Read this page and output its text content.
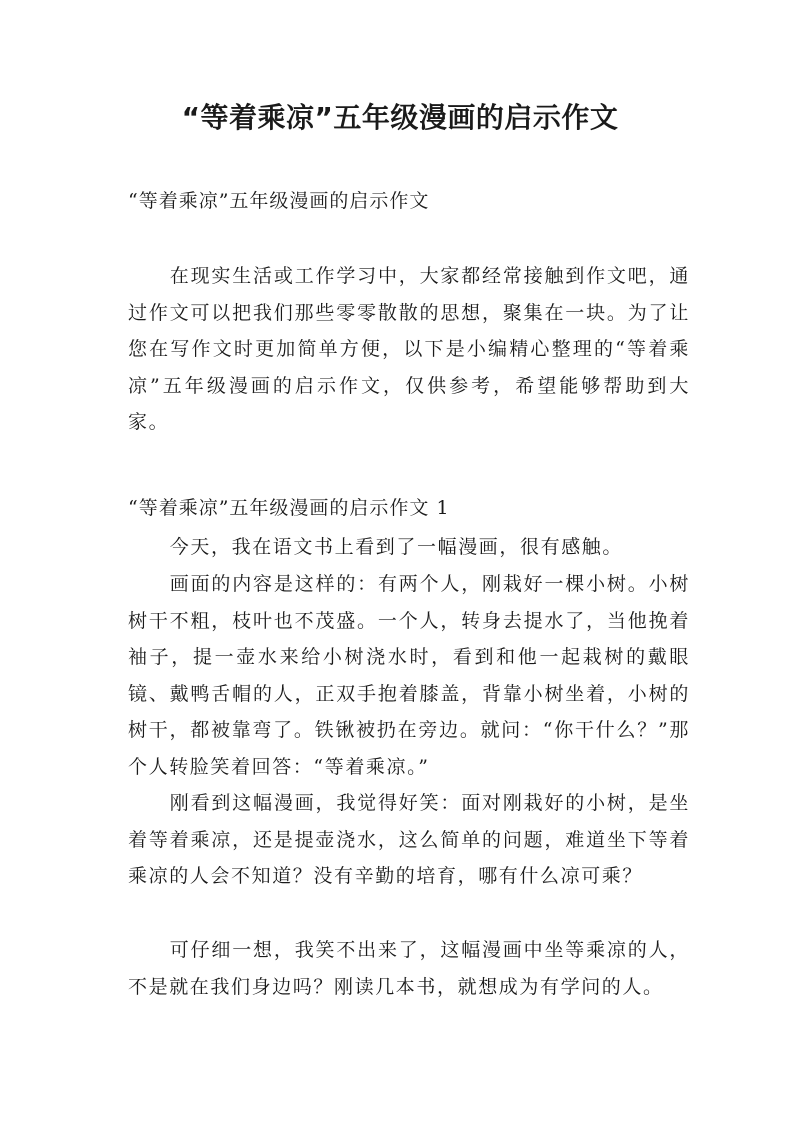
“等着乘凉”五年级漫画的启示作文
“等着乘凉”五年级漫画的启示作文
在现实生活或工作学习中，大家都经常接触到作文吧，通过作文可以把我们那些零零散散的思想，聚集在一块。为了让您在写作文时更加简单方便，以下是小编精心整理的“等着乘凉”五年级漫画的启示作文，仅供参考，希望能够帮助到大家。
“等着乘凉”五年级漫画的启示作文 1
今天，我在语文书上看到了一幅漫画，很有感触。
画面的内容是这样的：有两个人，刚栽好一棵小树。小树树干不粗，枝叶也不茂盛。一个人，转身去提水了，当他挽着袖子，提一壶水来给小树浇水时，看到和他一起栽树的戴眼镜、戴鸭舌帽的人，正双手抱着膝盖，背靠小树坐着，小树的树干，都被靠弯了。铁锹被扔在旁边。就问：“你干什么？”那个人转脸笑着回答：“等着乘凉。”
刚看到这幅漫画，我觉得好笑：面对刚栽好的小树，是坐着等着乘凉，还是提壶浇水，这么简单的问题，难道坐下等着乘凉的人会不知道？没有辛勤的培育，哪有什么凉可乘？
可仔细一想，我笑不出来了，这幅漫画中坐等乘凉的人，不是就在我们身边吗？刚读几本书，就想成为有学问的人。
